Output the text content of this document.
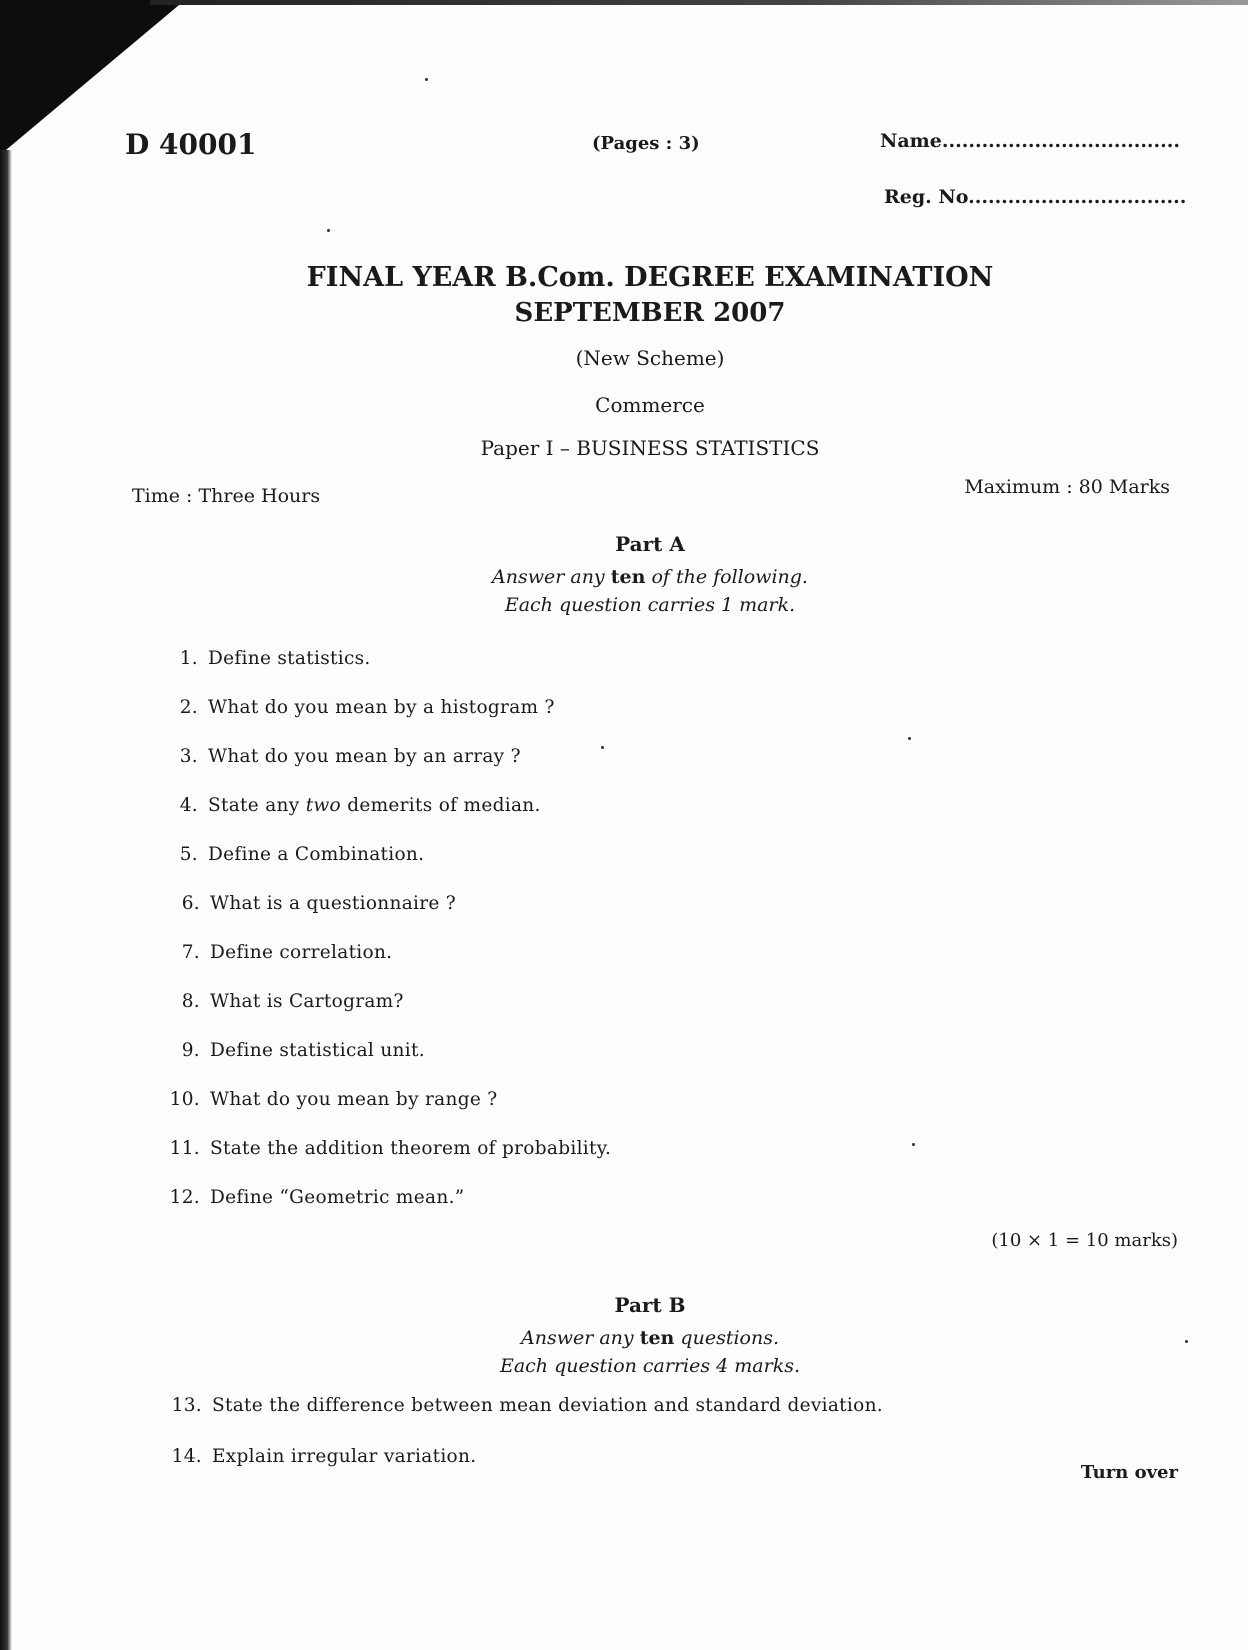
D 40001	(Pages : 3)	Name....................................
Reg. No.................................
FINAL YEAR B.Com. DEGREE EXAMINATION
SEPTEMBER 2007
(New Scheme)
Commerce
Paper I – BUSINESS STATISTICS
Time : Three Hours	Maximum : 80 Marks
Part A
Answer any ten of the following.
Each question carries 1 mark.
1. Define statistics.
2. What do you mean by a histogram ?
3. What do you mean by an array ?
4. State any two demerits of median.
5. Define a Combination.
6. What is a questionnaire ?
7. Define correlation.
8. What is Cartogram?
9. Define statistical unit.
10. What do you mean by range ?
11. State the addition theorem of probability.
12. Define “Geometric mean.”
(10 × 1 = 10 marks)
Part B
Answer any ten questions.
Each question carries 4 marks.
13. State the difference between mean deviation and standard deviation.
14. Explain irregular variation.
Turn over
